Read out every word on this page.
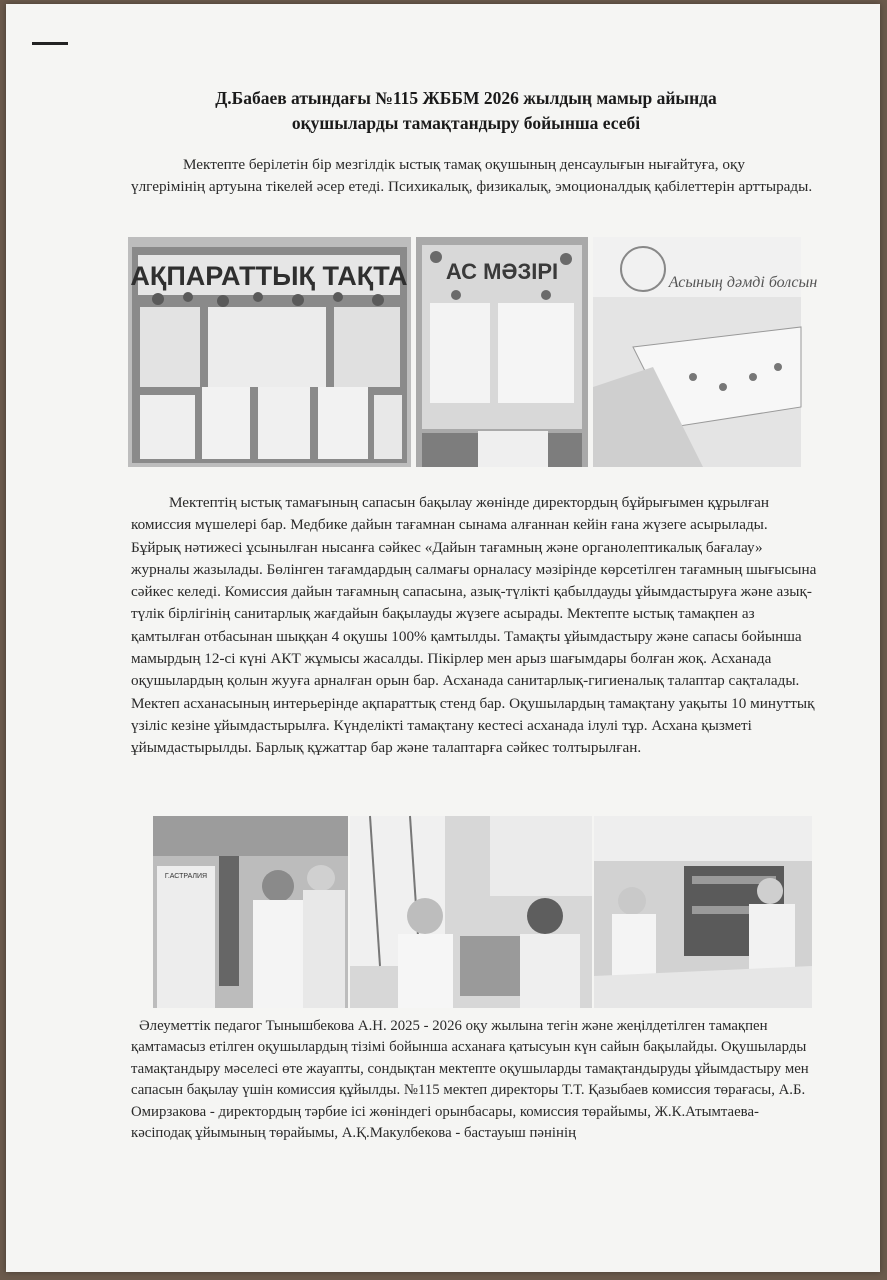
Д.Бабаев атындағы №115 ЖББМ 2026 жылдың мамыр айында
оқушыларды тамақтандыру бойынша есебі

Мектепте берілетін бір мезгілдік ыстық тамақ оқушының денсаулығын нығайтуға, оқу үлгерімінің артуына тікелей әсер етеді. Психикалық, физикалық, эмоционалдық қабілеттерін арттырады.

АҚПАРАТТЫҚ ТАҚТА АС МӘЗІРІ	Асының дәмді болсын

Мектептің ыстық тамағының сапасын бақылау жөнінде директордың бұйрығымен құрылған комиссия мүшелері бар. Медбике дайын тағамнан сынама алғаннан кейін ғана жүзеге асырылады. Бұйрық нәтижесі ұсынылған нысанға сәйкес «Дайын тағамның және органолептикалық бағалау» журналы жазылады. Бөлінген тағамдардың салмағы орналасу мәзірінде көрсетілген тағамның шығысына сәйкес келеді. Комиссия дайын тағамның сапасына, азық-түлікті қабылдауды ұйымдастыруға және азық-түлік бірлігінің санитарлық жағдайын бақылауды жүзеге асырады. Мектепте ыстық тамақпен аз қамтылған отбасынан шыққан 4 оқушы 100% қамтылды. Тамақты ұйымдастыру және сапасы бойынша мамырдың 12-сі күні АКТ жұмысы жасалды. Пікірлер мен арыз шағымдары болған жоқ. Асханада оқушылардың қолын жууға арналған орын бар. Асханада санитарлық-гигиеналық талаптар сақталады. Мектеп асханасының интерьерінде ақпараттық стенд бар. Оқушылардың тамақтану уақыты 10 минуттық үзіліс кезіне ұйымдастырылға. Күнделікті тамақтану кестесі асханада ілулі тұр. Асхана қызметі ұйымдастырылды. Барлық құжаттар бар және талаптарға сәйкес толтырылған.

Г.АСТРАЛИЯ

Әлеуметтік педагог Тынышбекова А.Н. 2025 - 2026 оқу жылына тегін және жеңілдетілген тамақпен қамтамасыз етілген оқушылардың тізімі бойынша асханаға қатысуын күн сайын бақылайды. Оқушыларды тамақтандыру мәселесі өте жауапты, сондықтан мектепте оқушыларды тамақтандыруды ұйымдастыру мен сапасын бақылау үшін комиссия құйылды. №115 мектеп директоры Т.Т. Қазыбаев комиссия төрағасы, А.Б. Омирзакова - директордың тәрбие ісі жөніндегі орынбасары, комиссия төрайымы, Ж.К.Атымтаева- кәсіподақ ұйымының төрайымы, А.Қ.Макулбекова - бастауыш пәнінің
